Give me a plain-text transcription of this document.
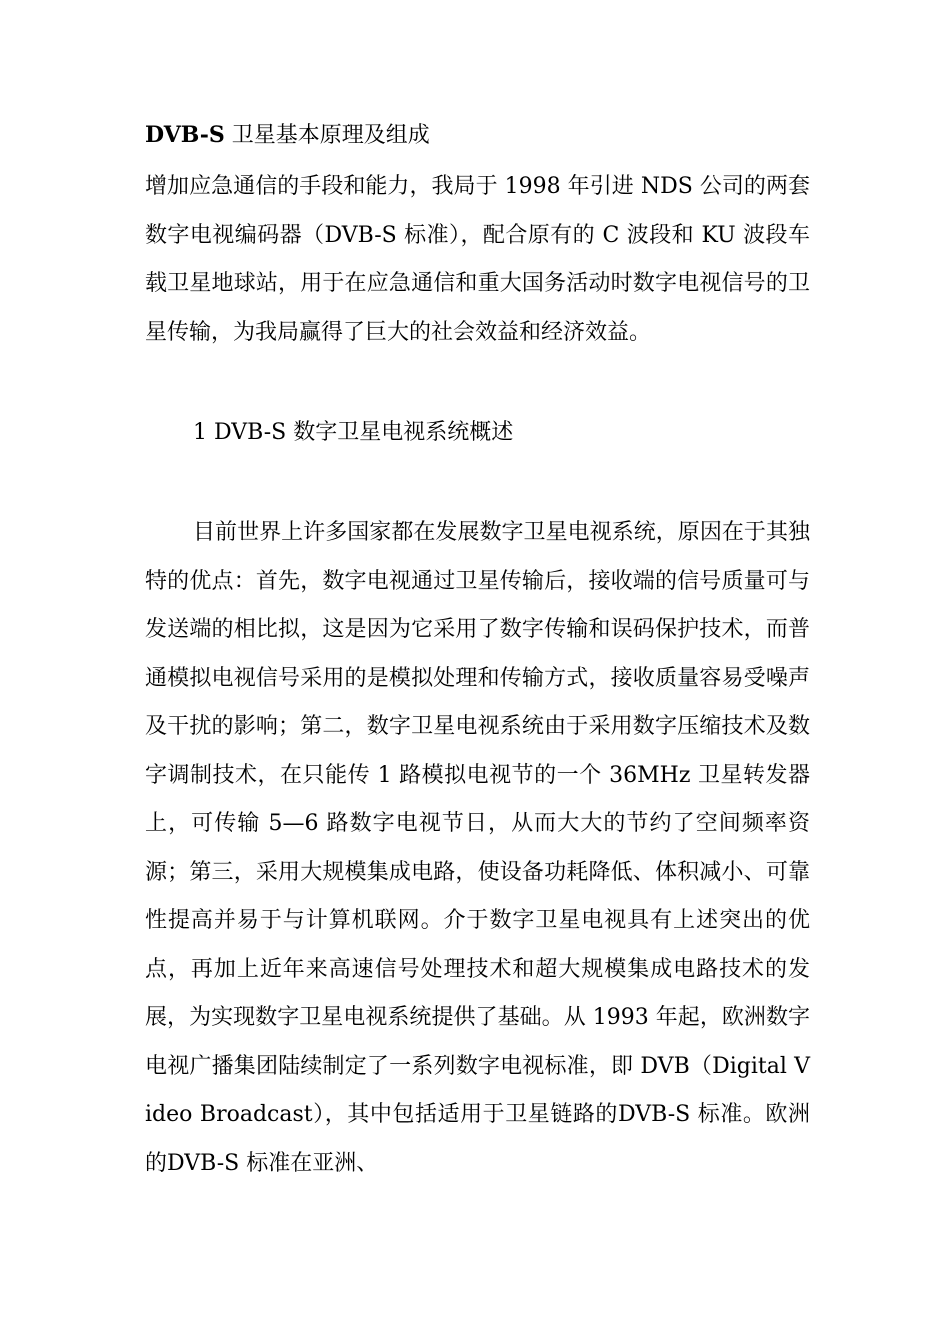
DVB-S 卫星基本原理及组成

增加应急通信的手段和能力，我局于 1998 年引进 NDS 公司的两套数字电视编码器（DVB-S 标准），配合原有的 C 波段和 KU 波段车载卫星地球站，用于在应急通信和重大国务活动时数字电视信号的卫星传输，为我局赢得了巨大的社会效益和经济效益。

1 DVB-S 数字卫星电视系统概述

目前世界上许多国家都在发展数字卫星电视系统，原因在于其独特的优点：首先，数字电视通过卫星传输后，接收端的信号质量可与发送端的相比拟，这是因为它采用了数字传输和误码保护技术，而普通模拟电视信号采用的是模拟处理和传输方式，接收质量容易受噪声及干扰的影响；第二，数字卫星电视系统由于采用数字压缩技术及数字调制技术，在只能传 1 路模拟电视节的一个 36MHz 卫星转发器上，可传输 5—6 路数字电视节日，从而大大的节约了空间频率资源；第三，采用大规模集成电路，使设备功耗降低、体积减小、可靠性提高并易于与计算机联网。介于数字卫星电视具有上述突出的优点，再加上近年来高速信号处理技术和超大规模集成电路技术的发展，为实现数字卫星电视系统提供了基础。从 1993 年起，欧洲数字电视广播集团陆续制定了一系列数字电视标准，即 DVB（Digital Video Broadcast），其中包括适用于卫星链路的DVB-S 标准。欧洲的DVB-S 标准在亚洲、
